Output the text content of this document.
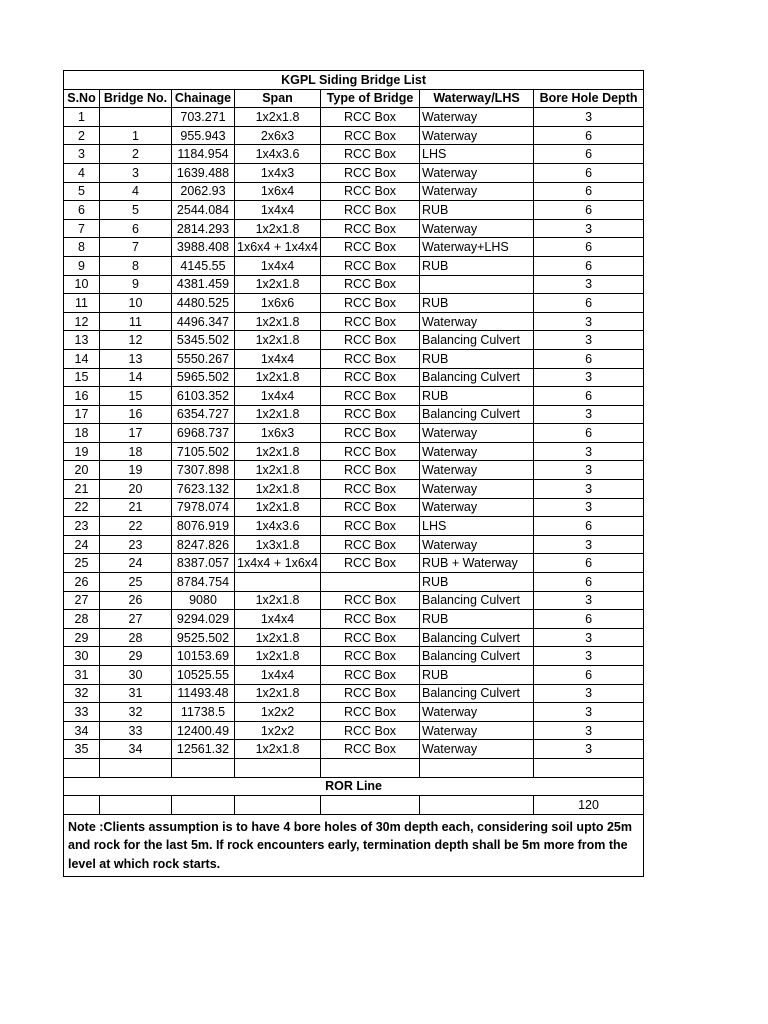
KGPL Siding Bridge List						
S.No	Bridge No.	Chainage	Span	Type of Bridge	Waterway/LHS	Bore Hole Depth
1		703.271	1x2x1.8	RCC Box	Waterway	3
2	1	955.943	2x6x3	RCC Box	Waterway	6
3	2	1184.954	1x4x3.6	RCC Box	LHS	6
4	3	1639.488	1x4x3	RCC Box	Waterway	6
5	4	2062.93	1x6x4	RCC Box	Waterway	6
6	5	2544.084	1x4x4	RCC Box	RUB	6
7	6	2814.293	1x2x1.8	RCC Box	Waterway	3
8	7	3988.408	1x6x4 + 1x4x4	RCC Box	Waterway+LHS	6
9	8	4145.55	1x4x4	RCC Box	RUB	6
10	9	4381.459	1x2x1.8	RCC Box		3
11	10	4480.525	1x6x6	RCC Box	RUB	6
12	11	4496.347	1x2x1.8	RCC Box	Waterway	3
13	12	5345.502	1x2x1.8	RCC Box	Balancing Culvert	3
14	13	5550.267	1x4x4	RCC Box	RUB	6
15	14	5965.502	1x2x1.8	RCC Box	Balancing Culvert	3
16	15	6103.352	1x4x4	RCC Box	RUB	6
17	16	6354.727	1x2x1.8	RCC Box	Balancing Culvert	3
18	17	6968.737	1x6x3	RCC Box	Waterway	6
19	18	7105.502	1x2x1.8	RCC Box	Waterway	3
20	19	7307.898	1x2x1.8	RCC Box	Waterway	3
21	20	7623.132	1x2x1.8	RCC Box	Waterway	3
22	21	7978.074	1x2x1.8	RCC Box	Waterway	3
23	22	8076.919	1x4x3.6	RCC Box	LHS	6
24	23	8247.826	1x3x1.8	RCC Box	Waterway	3
25	24	8387.057	1x4x4 + 1x6x4	RCC Box	RUB + Waterway	6
26	25	8784.754			RUB	6
27	26	9080	1x2x1.8	RCC Box	Balancing Culvert	3
28	27	9294.029	1x4x4	RCC Box	RUB	6
29	28	9525.502	1x2x1.8	RCC Box	Balancing Culvert	3
30	29	10153.69	1x2x1.8	RCC Box	Balancing Culvert	3
31	30	10525.55	1x4x4	RCC Box	RUB	6
32	31	11493.48	1x2x1.8	RCC Box	Balancing Culvert	3
33	32	11738.5	1x2x2	RCC Box	Waterway	3
34	33	12400.49	1x2x2	RCC Box	Waterway	3
35	34	12561.32	1x2x1.8	RCC Box	Waterway	3

ROR Line						
						120
Note :Clients assumption is to have 4 bore holes of 30m depth each, considering soil upto 25m and rock for the last 5m. If rock encounters early, termination depth shall be 5m more from the level at which rock starts.						
